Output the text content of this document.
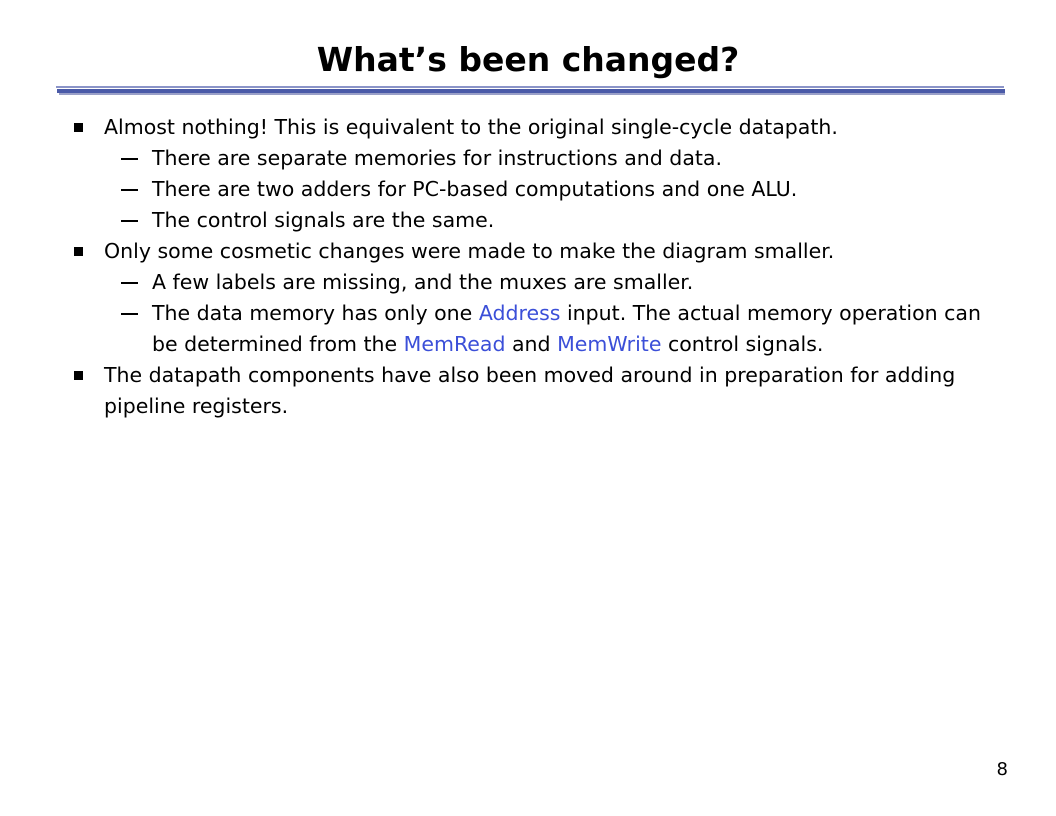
What’s been changed?
Almost nothing! This is equivalent to the original single-cycle datapath.
There are separate memories for instructions and data.
There are two adders for PC-based computations and one ALU.
The control signals are the same.
Only some cosmetic changes were made to make the diagram smaller.
A few labels are missing, and the muxes are smaller.
The data memory has only one Address input. The actual memory operation can be determined from the MemRead and MemWrite control signals.
The datapath components have also been moved around in preparation for adding pipeline registers.
8
